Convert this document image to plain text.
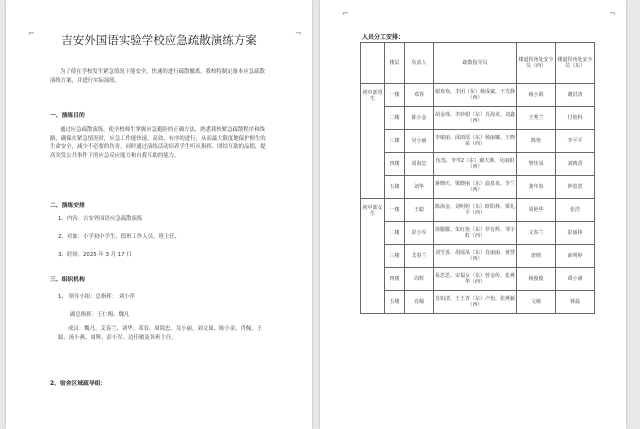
⌐	¬
吉安外国语实验学校应急疏散演练方案
为了使在学校发生紧急情况下能安全，快速的进行疏散撤离，我校特制定备本应急疏散演练方案，并进行实际演练。
一、演练目的
通过应急疏散演练，使全校师生掌握应急避险的正确方法，熟悉我校紧急疏散程序和线路，确保在紧急情况时，应急工作能快速、高效、有序的进行，从而最大限度地保护师生的生命安全，减少不必要的伤害，同时通过演练活动培养学生听从指挥、团结互助的品德，提高突发公共事件下的应急反应能力和自我互助的能力。
二、演练安排
1、内容：吉安外国语应急疏散演练
2、对象：小学初中学生、值班工作人员、班主任、
3、时间：2025 年 3 月 17 日
三、组织机构
1、 领导小组：总指挥： 刘小萍
副总指挥：王仁梅、魏凡
成员：魏凡、艾春兰、刘华、邓春、周海忠、吴小丽、刘文琛、陈小金、肖佩、王聪、汤小燕、周辉、彭小军、边佳敏及各班主任。
2、宿舍区域疏导组：
⌐	¬
人员分工安排：
	楼层	负责人	疏散指导员	楼道拐角处安全员（西）	楼道拐角处安全员（东）
初中部男 生	一楼	邓春	谢欢欢、李团（东）杨成斌、王雪静（西）	杨小娟	谢洪清
	二楼	陈小金	胡金珠、李妙娟（东）肖海龙、刘鑫（西）	王秀兰	付艳科
	三楼	吴小丽	李敏丽、邱雨瑶（东）杨丽娜、王晓荣（西）	陈艳	李平平
	四楼	周海忠	伍莲、李琴2（东）谢天翼、吴丽娟（西）	黎佳凤	刘鸥香
	五楼	刘华	蒋晓庆、梁晓丽（东）温泉泉、李兰（西）	龚年春	钟恩恩
初中部女 生	一楼	王聪	陈海金、刘明婷（东）欧阳林、梁礼平（西）	周艳华	张浩
	二楼	彭小军	徐朦朦、朱红艳（东）罗有辉、邹宇虹（西）	文春兰	彭丽林
	三楼	艾春兰	刘雪香、胡瑶凤（东）肖丽丽、黄慧（西）	唐晴	俞明婷
	四楼	周辉	易思思、宋福女（东）曾金传、张燕华（西）	杨俊俊	谭小满
	五楼	肖佩	肖如清、王王青（东）卢怡、张燕颖（西）	文敏	钟磊
